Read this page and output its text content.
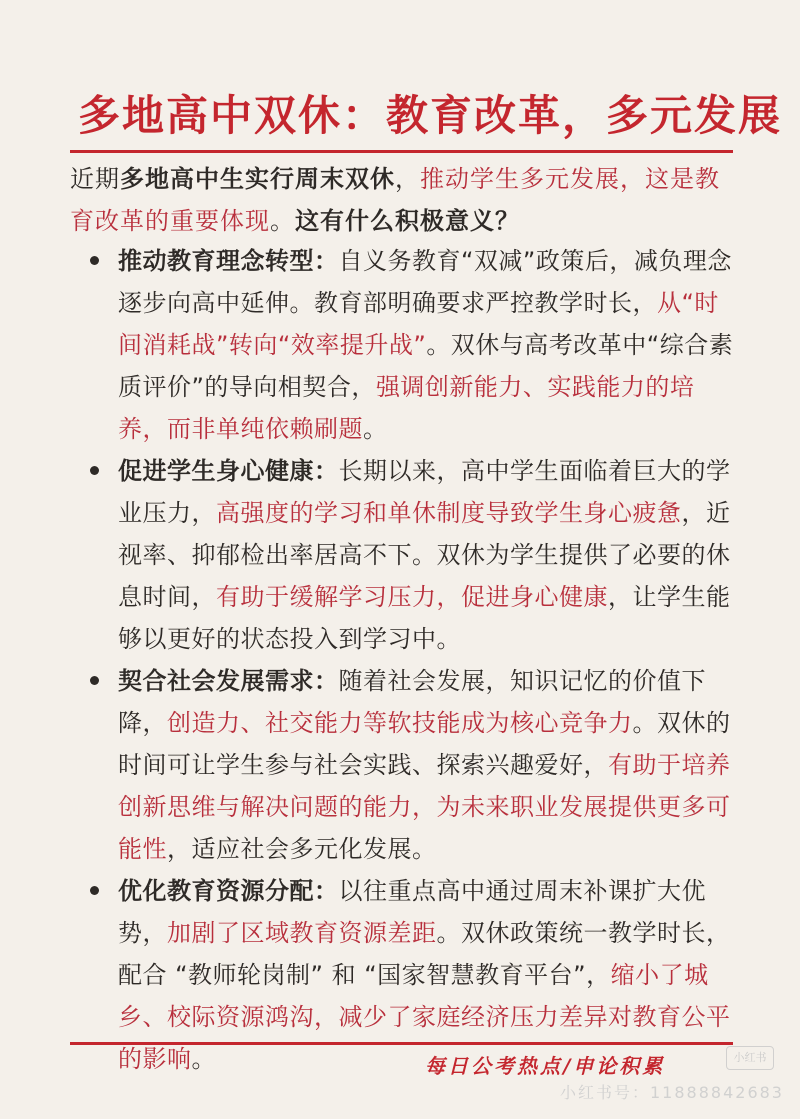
多地高中双休：教育改革，多元发展
近期多地高中生实行周末双休，推动学生多元发展，这是教育改革的重要体现。这有什么积极意义？
推动教育理念转型：自义务教育“双减”政策后，减负理念逐步向高中延伸。教育部明确要求严控教学时长，从“时间消耗战”转向“效率提升战”。双休与高考改革中“综合素质评价”的导向相契合，强调创新能力、实践能力的培养，而非单纯依赖刷题。
促进学生身心健康：长期以来，高中学生面临着巨大的学业压力，高强度的学习和单休制度导致学生身心疲惫，近视率、抑郁检出率居高不下。双休为学生提供了必要的休息时间，有助于缓解学习压力，促进身心健康，让学生能够以更好的状态投入到学习中。
契合社会发展需求：随着社会发展，知识记忆的价值下降，创造力、社交能力等软技能成为核心竞争力。双休的时间可让学生参与社会实践、探索兴趣爱好，有助于培养创新思维与解决问题的能力，为未来职业发展提供更多可能性，适应社会多元化发展。
优化教育资源分配：以往重点高中通过周末补课扩大优势，加剧了区域教育资源差距。双休政策统一教学时长，配合 “教师轮岗制” 和 “国家智慧教育平台”，缩小了城乡、校际资源鸿沟，减少了家庭经济压力差异对教育公平的影响。	每日公考热点/申论积累	小红书
小红书号：11888842683
